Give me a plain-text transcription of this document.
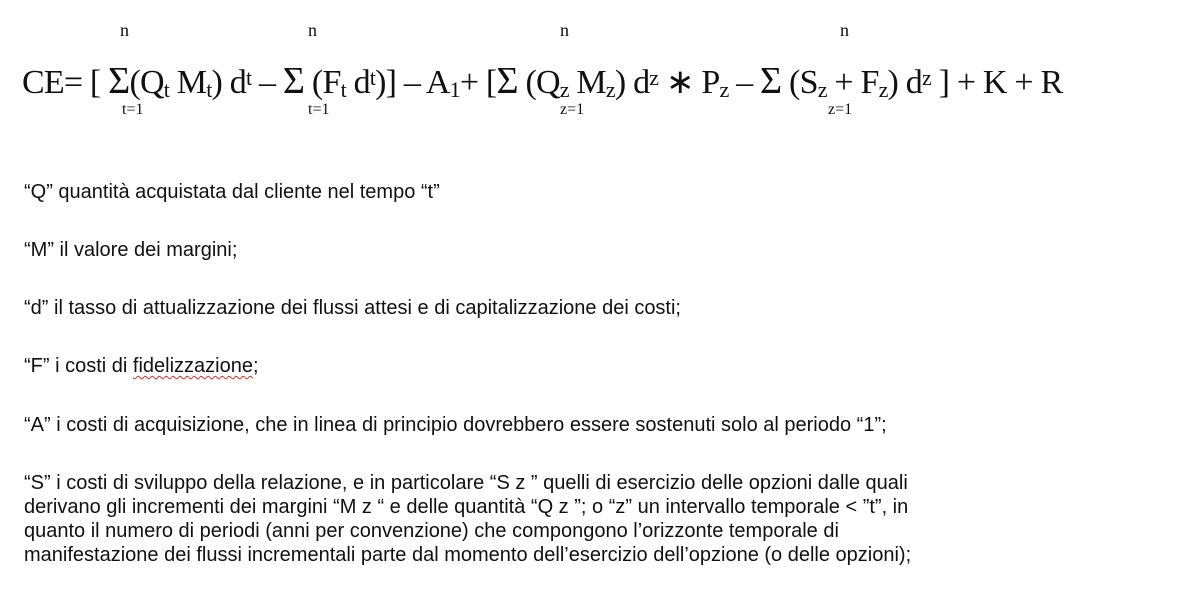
n	n	n	n
CE= [ $\Sigma(Q_t$ $M_t$) $d^t$ – Σ ($F_t$ $d^t)] - A_1+ [\Sigma$ ($Q_z$ $M_z$) $d^z$ ∗ $P_z$ – Σ $(S_z + F_z)$ $d^z$ ] + K + R
t=1	t=1	z=1	z=1

“Q” quantità acquistata dal cliente nel tempo “t”

“M” il valore dei margini;

“d” il tasso di attualizzazione dei flussi attesi e di capitalizzazione dei costi;

“F” i costi di fidelizzazione;

“A” i costi di acquisizione, che in linea di principio dovrebbero essere sostenuti solo al periodo “1”;

“S” i costi di sviluppo della relazione, e in particolare “S z ” quelli di esercizio delle opzioni dalle quali

derivano gli incrementi dei margini “M z “ e delle quantità “Q z ”; o “z” un intervallo temporale < ”t”, in

quanto il numero di periodi (anni per convenzione) che compongono l’orizzonte temporale di

manifestazione dei flussi incrementali parte dal momento dell’esercizio dell’opzione (o delle opzioni);
